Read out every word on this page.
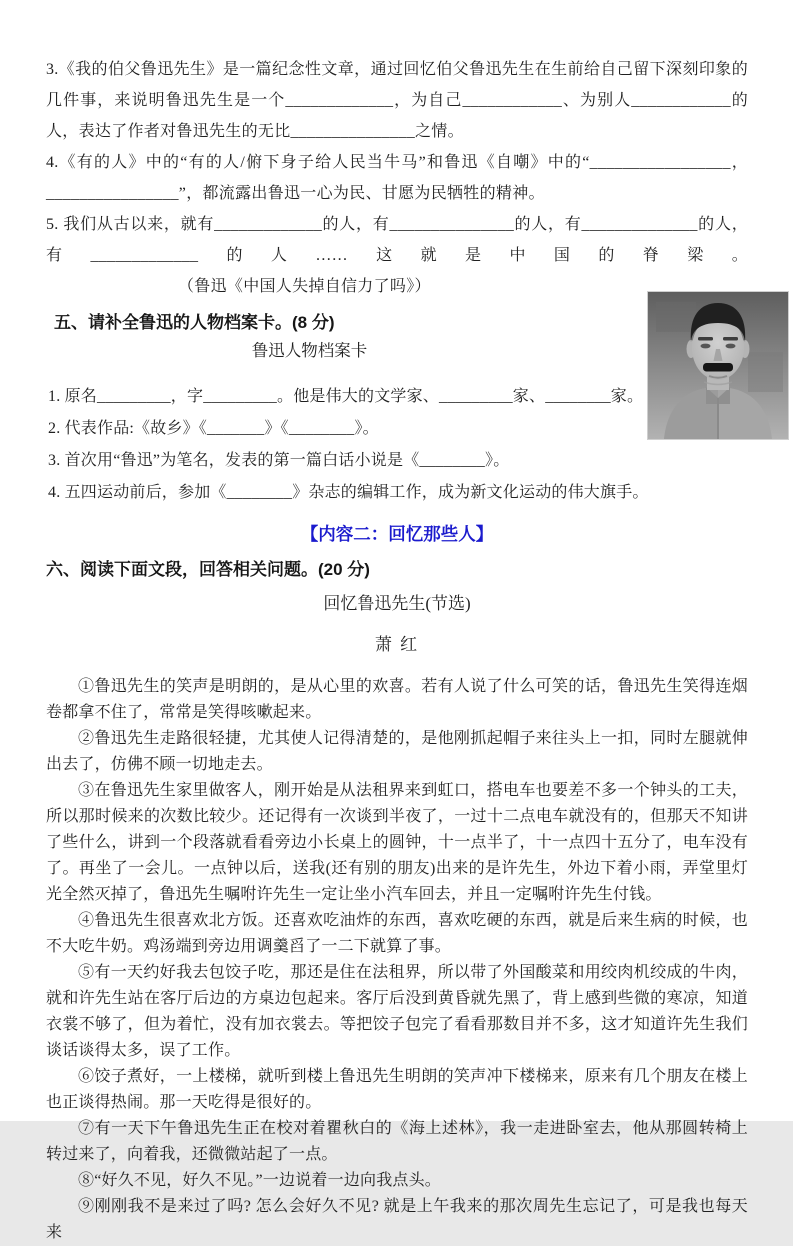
3.《我的伯父鲁迅先生》是一篇纪念性文章，通过回忆伯父鲁迅先生在生前给自己留下深刻印象的几件事，来说明鲁迅先生是一个_____________，为自己____________、为别人____________的人，表达了作者对鲁迅先生的无比_______________之情。

4.《有的人》中的“有的人/俯下身子给人民当牛马”和鲁迅《自嘲》中的“_________________，________________”，都流露出鲁迅一心为民、甘愿为民牺牲的精神。

5. 我们从古以来，就有_____________的人，有_______________的人，有______________的人，有_____________的人……这就是中国的脊梁。（鲁迅《中国人失掉自信力了吗》）

五、请补全鲁迅的人物档案卡。(8 分)

鲁迅人物档案卡

1. 原名_________，字_________。他是伟大的文学家、_________家、________家。

2. 代表作品:《故乡》《_______》《________》。

3. 首次用“鲁迅”为笔名，发表的第一篇白话小说是《________》。

4. 五四运动前后，参加《________》杂志的编辑工作，成为新文化运动的伟大旗手。

【内容二：回忆那些人】

六、阅读下面文段，回答相关问题。(20 分)

回忆鲁迅先生(节选)

萧 红

①鲁迅先生的笑声是明朗的，是从心里的欢喜。若有人说了什么可笑的话，鲁迅先生笑得连烟卷都拿不住了，常常是笑得咳嗽起来。

②鲁迅先生走路很轻捷，尤其使人记得清楚的，是他刚抓起帽子来往头上一扣，同时左腿就伸出去了，仿佛不顾一切地走去。

③在鲁迅先生家里做客人，刚开始是从法租界来到虹口，搭电车也要差不多一个钟头的工夫，所以那时候来的次数比较少。还记得有一次谈到半夜了，一过十二点电车就没有的，但那天不知讲了些什么，讲到一个段落就看看旁边小长桌上的圆钟，十一点半了，十一点四十五分了，电车没有了。再坐了一会儿。一点钟以后，送我(还有别的朋友)出来的是许先生，外边下着小雨，弄堂里灯光全然灭掉了，鲁迅先生嘱咐许先生一定让坐小汽车回去，并且一定嘱咐许先生付钱。

④鲁迅先生很喜欢北方饭。还喜欢吃油炸的东西，喜欢吃硬的东西，就是后来生病的时候，也不大吃牛奶。鸡汤端到旁边用调羹舀了一二下就算了事。

⑤有一天约好我去包饺子吃，那还是住在法租界，所以带了外国酸菜和用绞肉机绞成的牛肉，就和许先生站在客厅后边的方桌边包起来。客厅后没到黄昏就先黑了，背上感到些微的寒凉，知道衣裳不够了，但为着忙，没有加衣裳去。等把饺子包完了看看那数目并不多，这才知道许先生我们谈话谈得太多，误了工作。

⑥饺子煮好，一上楼梯，就听到楼上鲁迅先生明朗的笑声冲下楼梯来，原来有几个朋友在楼上也正谈得热闹。那一天吃得是很好的。

⑦有一天下午鲁迅先生正在校对着瞿秋白的《海上述林》，我一走进卧室去，他从那圆转椅上转过来了，向着我，还微微站起了一点。

⑧“好久不见，好久不见。”一边说着一边向我点头。

⑨刚刚我不是来过了吗? 怎么会好久不见? 就是上午我来的那次周先生忘记了，可是我也每天来
